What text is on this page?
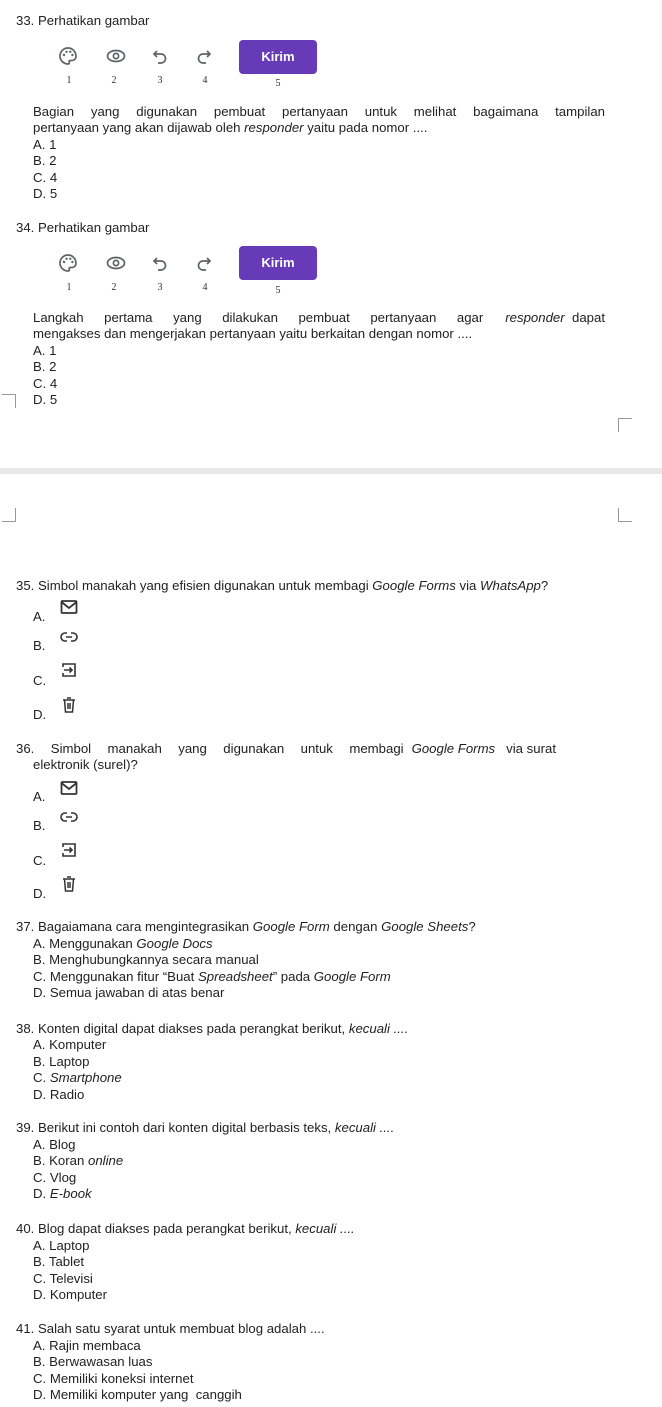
33. Perhatikan gambar
Kirim
1	2	3	4	5
Bagian yang digunakan pembuat pertanyaan untuk melihat bagaimana tampilan
pertanyaan yang akan dijawab oleh responder yaitu pada nomor ....
A. 1
B. 2
C. 4
D. 5
34. Perhatikan gambar
Kirim
1	2	3	4	5
Langkah pertama yang dilakukan pembuat pertanyaan agar responder dapat
mengakses dan mengerjakan pertanyaan yaitu berkaitan dengan nomor ....
A. 1
B. 2
C. 4
D. 5
35. Simbol manakah yang efisien digunakan untuk membagi Google Forms via WhatsApp?
A.
B.
C.
D.
36. Simbol manakah yang digunakan untuk membagi Google Forms via surat
elektronik (surel)?
A.
B.
C.
D.
37. Bagaiamana cara mengintegrasikan Google Form dengan Google Sheets?
A. Menggunakan Google Docs
B. Menghubungkannya secara manual
C. Menggunakan fitur “Buat Spreadsheet” pada Google Form
D. Semua jawaban di atas benar
38. Konten digital dapat diakses pada perangkat berikut, kecuali ....
A. Komputer
B. Laptop
C. Smartphone
D. Radio
39. Berikut ini contoh dari konten digital berbasis teks, kecuali ....
A. Blog
B. Koran online
C. Vlog
D. E-book
40. Blog dapat diakses pada perangkat berikut, kecuali ....
A. Laptop
B. Tablet
C. Televisi
D. Komputer
41. Salah satu syarat untuk membuat blog adalah ....
A. Rajin membaca
B. Berwawasan luas
C. Memiliki koneksi internet
D. Memiliki komputer yang  canggih
